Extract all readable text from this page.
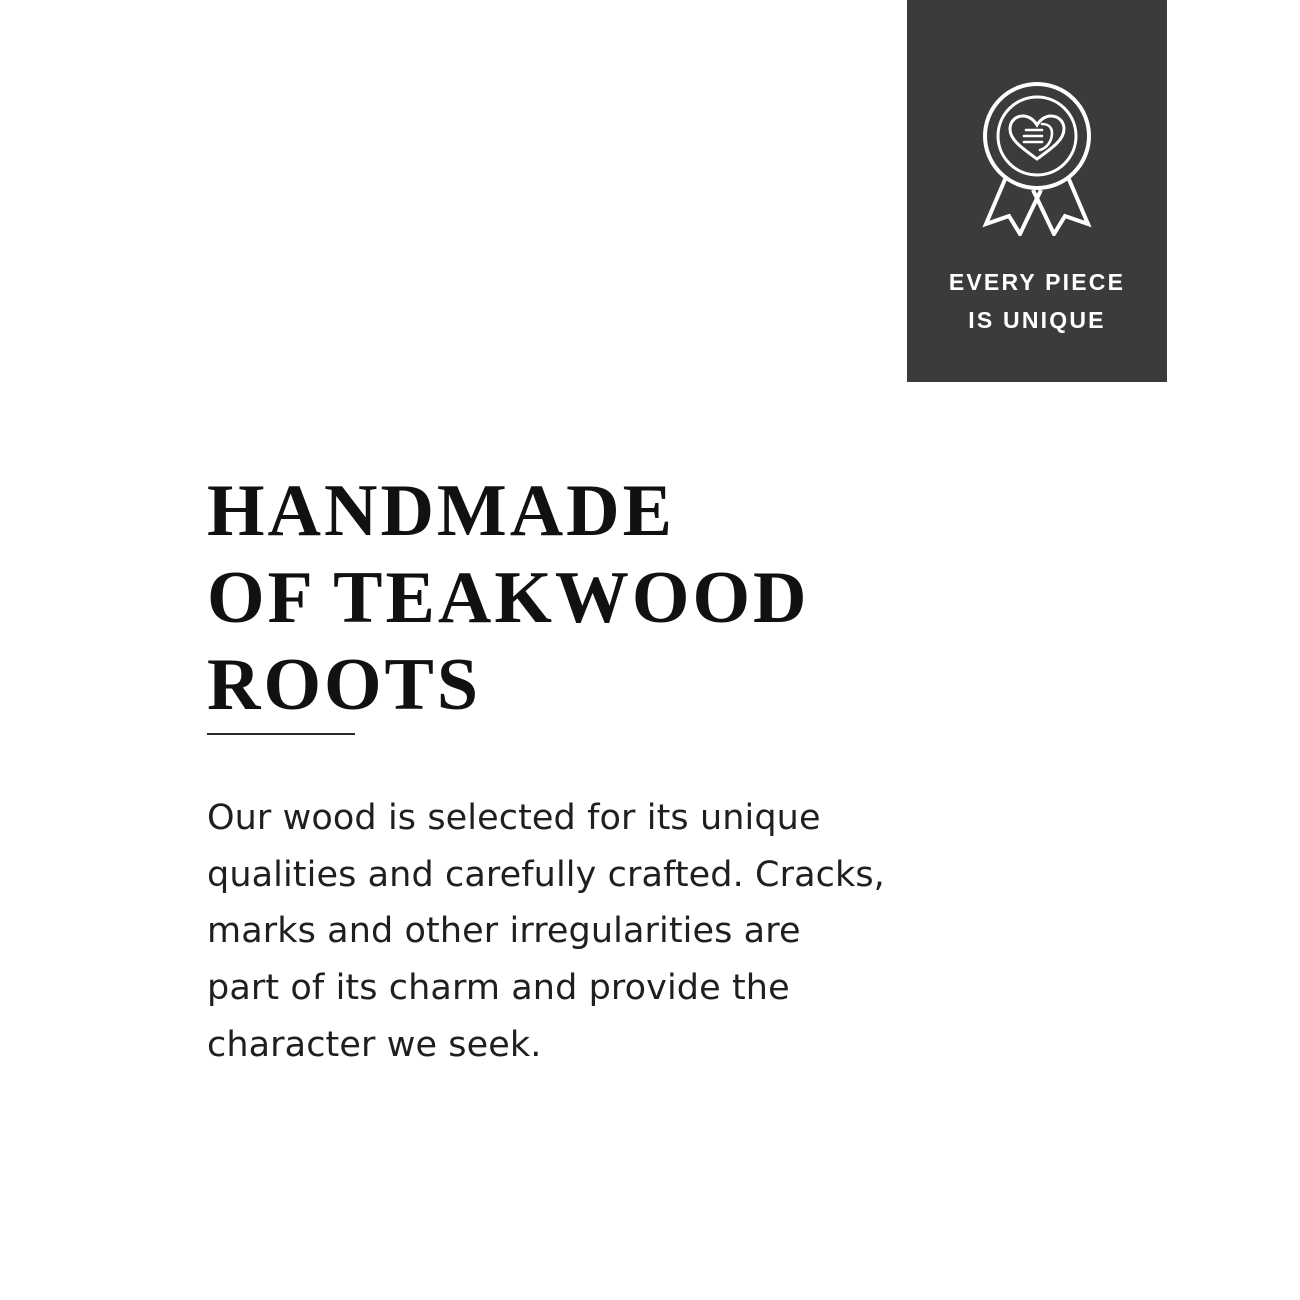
EVERY PIECE
IS UNIQUE
HANDMADE
OF TEAKWOOD
ROOTS
Our wood is selected for its unique
qualities and carefully crafted. Cracks,
marks and other irregularities are
part of its charm and provide the
character we seek.
